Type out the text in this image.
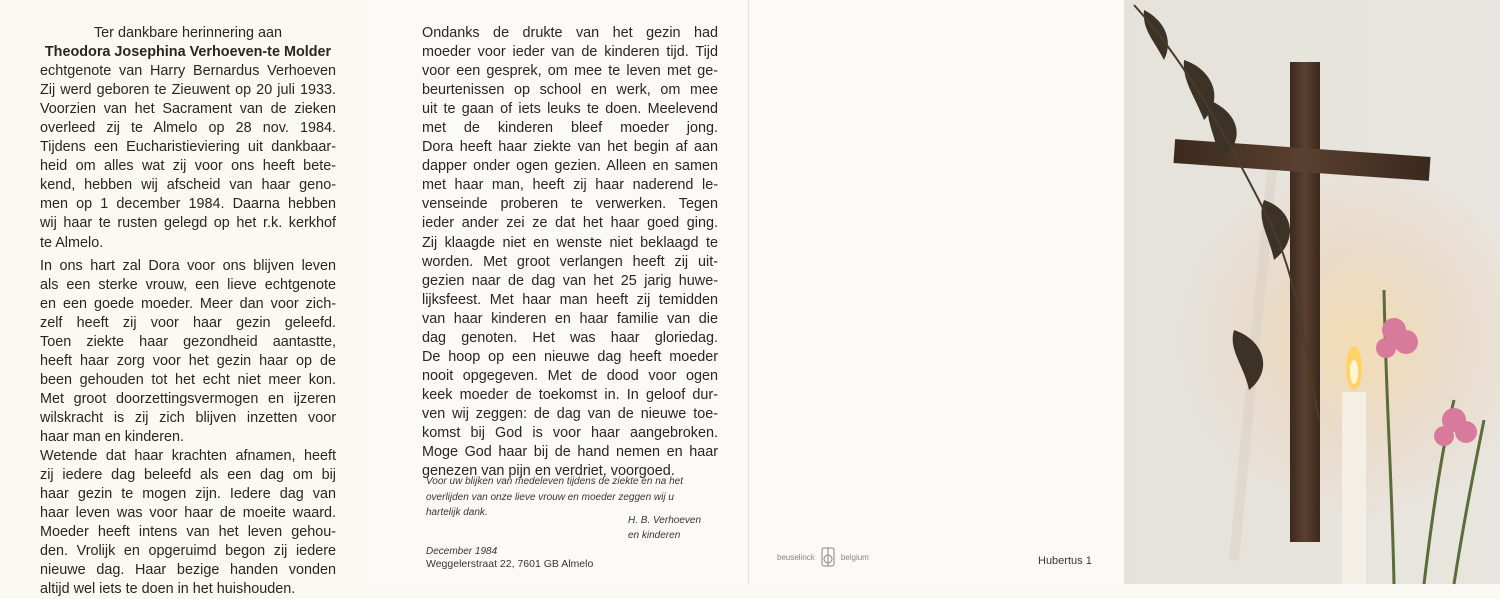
Ter dankbare herinnering aan

Theodora Josephina Verhoeven-te Molder

echtgenote van Harry Bernardus Verhoeven
Zij werd geboren te Zieuwent op 20 juli 1933.
Voorzien van het Sacrament van de zieken
overleed zij te Almelo op 28 nov. 1984.
Tijdens een Eucharistieviering uit dankbaar-
heid om alles wat zij voor ons heeft bete-
kend, hebben wij afscheid van haar geno-
men op 1 december 1984. Daarna hebben
wij haar te rusten gelegd op het r.k. kerkhof
te Almelo.

In ons hart zal Dora voor ons blijven leven
als een sterke vrouw, een lieve echtgenote
en een goede moeder. Meer dan voor zich-
zelf heeft zij voor haar gezin geleefd.
Toen ziekte haar gezondheid aantastte,
heeft haar zorg voor het gezin haar op de
been gehouden tot het echt niet meer kon.
Met groot doorzettingsvermogen en ijzeren
wilskracht is zij zich blijven inzetten voor
haar man en kinderen.
Wetende dat haar krachten afnamen, heeft
zij iedere dag beleefd als een dag om bij
haar gezin te mogen zijn. Iedere dag van
haar leven was voor haar de moeite waard.
Moeder heeft intens van het leven gehou-
den. Vrolijk en opgeruimd begon zij iedere
nieuwe dag. Haar bezige handen vonden
altijd wel iets te doen in het huishouden.

Ondanks de drukte van het gezin had
moeder voor ieder van de kinderen tijd. Tijd
voor een gesprek, om mee te leven met ge-
beurtenissen op school en werk, om mee
uit te gaan of iets leuks te doen. Meelevend
met de kinderen bleef moeder jong.
Dora heeft haar ziekte van het begin af aan
dapper onder ogen gezien. Alleen en samen
met haar man, heeft zij haar naderend le-
venseinde proberen te verwerken. Tegen
ieder ander zei ze dat het haar goed ging.
Zij klaagde niet en wenste niet beklaagd te
worden. Met groot verlangen heeft zij uit-
gezien naar de dag van het 25 jarig huwe-
lijksfeest. Met haar man heeft zij temidden
van haar kinderen en haar familie van die
dag genoten. Het was haar gloriedag.
De hoop op een nieuwe dag heeft moeder
nooit opgegeven. Met de dood voor ogen
keek moeder de toekomst in. In geloof dur-
ven wij zeggen: de dag van de nieuwe toe-
komst bij God is voor haar aangebroken.
Moge God haar bij de hand nemen en haar
genezen van pijn en verdriet, voorgoed.

Voor uw blijken van medeleven tijdens de ziekte en na het
overlijden van onze lieve vrouw en moeder zeggen wij u
hartelijk dank.
H. B. Verhoeven
en kinderen
December 1984
Weggelerstraat 22, 7601 GB Almelo
beuselinck	belgium	Hubertus 1
